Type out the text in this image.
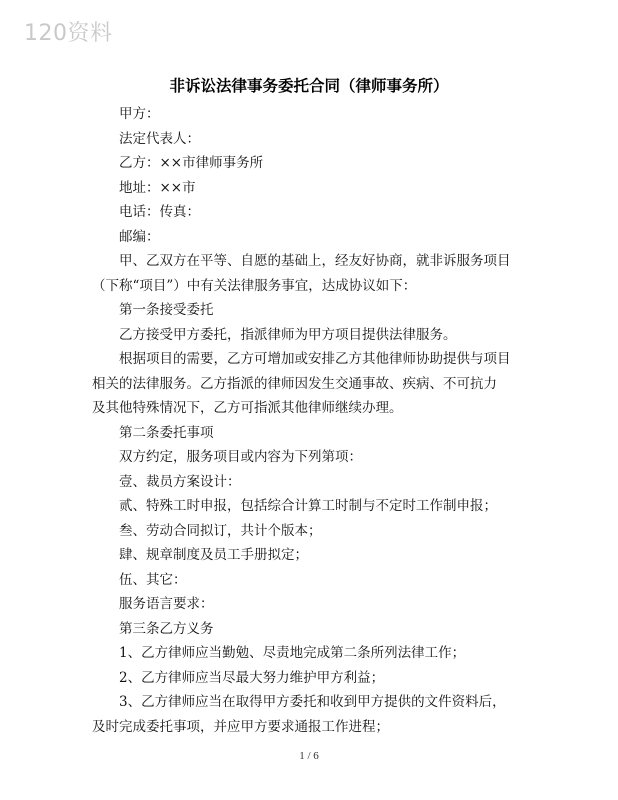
120资料
非诉讼法律事务委托合同（律师事务所）

甲方：

法定代表人：

乙方：××市律师事务所

地址：××市

电话：传真：

邮编：

甲、乙双方在平等、自愿的基础上，经友好协商，就非诉服务项目

（下称“项目”）中有关法律服务事宜，达成协议如下：

第一条接受委托

乙方接受甲方委托，指派律师为甲方项目提供法律服务。

根据项目的需要，乙方可增加或安排乙方其他律师协助提供与项目

相关的法律服务。乙方指派的律师因发生交通事故、疾病、不可抗力

及其他特殊情况下，乙方可指派其他律师继续办理。

第二条委托事项

双方约定，服务项目或内容为下列第项：

壹、裁员方案设计：

贰、特殊工时申报，包括综合计算工时制与不定时工作制申报；

叁、劳动合同拟订，共计个版本；

肆、规章制度及员工手册拟定；

伍、其它：

服务语言要求：

第三条乙方义务

1、乙方律师应当勤勉、尽责地完成第二条所列法律工作；

2、乙方律师应当尽最大努力维护甲方利益；

3、乙方律师应当在取得甲方委托和收到甲方提供的文件资料后，

及时完成委托事项，并应甲方要求通报工作进程；

1 / 6
